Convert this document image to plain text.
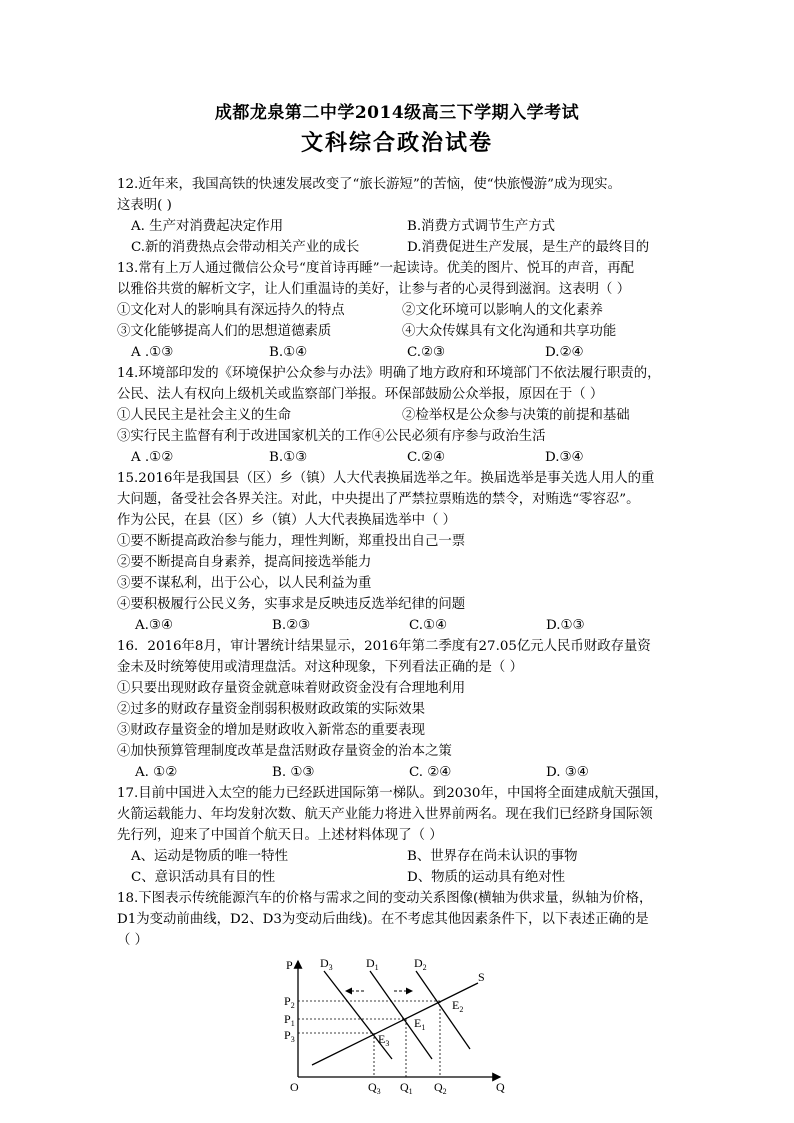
成都龙泉第二中学2014级高三下学期入学考试
文科综合政治试卷
12.近年来，我国高铁的快速发展改变了“旅长游短”的苦恼，使“快旅慢游”成为现实。
这表明( )
A. 生产对消费起决定作用	B.消费方式调节生产方式
C.新的消费热点会带动相关产业的成长	D.消费促进生产发展，是生产的最终目的
13.常有上万人通过微信公众号“度首诗再睡”一起读诗。优美的图片、悦耳的声音，再配
以雅俗共赏的解析文字，让人们重温诗的美好，让参与者的心灵得到滋润。这表明（ ）
①文化对人的影响具有深远持久的特点	②文化环境可以影响人的文化素养
③文化能够提高人们的思想道德素质	④大众传媒具有文化沟通和共享功能
A .①③	B.①④	C.②③	D.②④
14.环境部印发的《环境保护公众参与办法》明确了地方政府和环境部门不依法履行职责的，
公民、法人有权向上级机关或监察部门举报。环保部鼓励公众举报，原因在于（ ）
①人民民主是社会主义的生命	②检举权是公众参与决策的前提和基础
③实行民主监督有利于改进国家机关的工作④公民必须有序参与政治生活
A .①②	B.①③	C.②④	D.③④
15.2016年是我国县（区）乡（镇）人大代表换届选举之年。换届选举是事关选人用人的重
大问题，备受社会各界关注。对此，中央提出了严禁拉票贿选的禁令，对贿选“零容忍”。
作为公民，在县（区）乡（镇）人大代表换届选举中（ ）
①要不断提高政治参与能力，理性判断，郑重投出自己一票
②要不断提高自身素养，提高间接选举能力
③要不谋私利，出于公心，以人民利益为重
④要积极履行公民义务，实事求是反映违反选举纪律的问题
A.③④	B.②③	C.①④	D.①③
16．2016年8月，审计署统计结果显示，2016年第二季度有27.05亿元人民币财政存量资
金未及时统筹使用或清理盘活。对这种现象，下列看法正确的是（ ）
①只要出现财政存量资金就意味着财政资金没有合理地利用
②过多的财政存量资金削弱积极财政政策的实际效果
③财政存量资金的增加是财政收入新常态的重要表现
④加快预算管理制度改革是盘活财政存量资金的治本之策
A. ①②	B. ①③	C. ②④	D. ③④
17.目前中国进入太空的能力已经跃进国际第一梯队。到2030年，中国将全面建成航天强国，
火箭运载能力、年均发射次数、航天产业能力将进入世界前两名。现在我们已经跻身国际领
先行列，迎来了中国首个航天日。上述材料体现了（ ）
A、运动是物质的唯一特性	B、世界存在尚未认识的事物
C、意识活动具有目的性	D、物质的运动具有绝对性
18.下图表示传统能源汽车的价格与需求之间的变动关系图像(横轴为供求量，纵轴为价格，
D1为变动前曲线，D2、D3为变动后曲线)。在不考虑其他因素条件下，以下表述正确的是
（ ）
P
Q
O
$P_2$
$P_1$
$P_3$
$Q_3$ $Q_1$ $Q_2$
$D_3$	$D_1$	$D_2$
S
$E_2$
$E_1$
$E_3$
